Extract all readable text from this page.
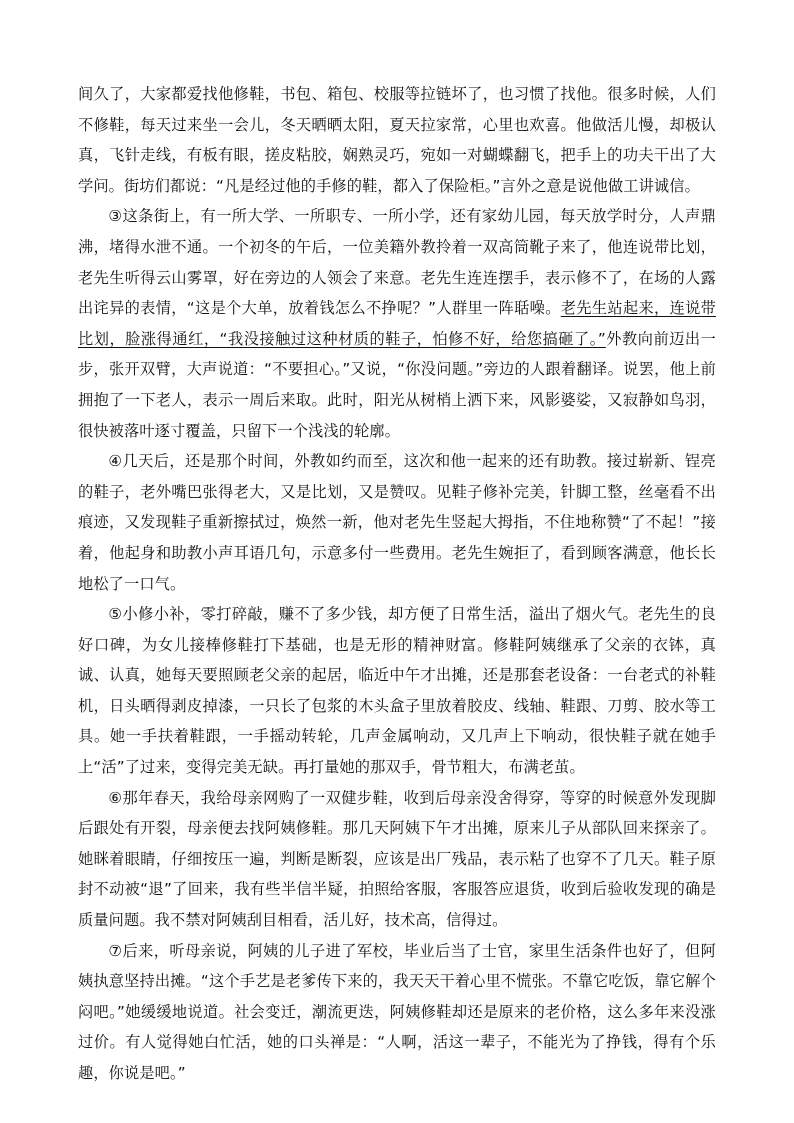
间久了，大家都爱找他修鞋，书包、箱包、校服等拉链坏了，也习惯了找他。很多时候，人们不修鞋，每天过来坐一会儿，冬天晒晒太阳，夏天拉家常，心里也欢喜。他做活儿慢，却极认真，飞针走线，有板有眼，搓皮粘胶，娴熟灵巧，宛如一对蝴蝶翻飞，把手上的功夫干出了大学问。街坊们都说：“凡是经过他的手修的鞋，都入了保险柜。”言外之意是说他做工讲诚信。

③这条街上，有一所大学、一所职专、一所小学，还有家幼儿园，每天放学时分，人声鼎沸，堵得水泄不通。一个初冬的午后，一位美籍外教拎着一双高筒靴子来了，他连说带比划，老先生听得云山雾罩，好在旁边的人领会了来意。老先生连连摆手，表示修不了，在场的人露出诧异的表情，“这是个大单，放着钱怎么不挣呢？”人群里一阵聒噪。老先生站起来，连说带比划，脸涨得通红，“我没接触过这种材质的鞋子，怕修不好，给您搞砸了。”外教向前迈出一步，张开双臂，大声说道：“不要担心。”又说，“你没问题。”旁边的人跟着翻译。说罢，他上前拥抱了一下老人，表示一周后来取。此时，阳光从树梢上洒下来，风影婆娑，又寂静如鸟羽，很快被落叶逐寸覆盖，只留下一个浅浅的轮廓。

④几天后，还是那个时间，外教如约而至，这次和他一起来的还有助教。接过崭新、锃亮的鞋子，老外嘴巴张得老大，又是比划，又是赞叹。见鞋子修补完美，针脚工整，丝毫看不出痕迹，又发现鞋子重新擦拭过，焕然一新，他对老先生竖起大拇指，不住地称赞“了不起！”接着，他起身和助教小声耳语几句，示意多付一些费用。老先生婉拒了，看到顾客满意，他长长地松了一口气。

⑤小修小补，零打碎敲，赚不了多少钱，却方便了日常生活，溢出了烟火气。老先生的良好口碑，为女儿接棒修鞋打下基础，也是无形的精神财富。修鞋阿姨继承了父亲的衣钵，真诚、认真，她每天要照顾老父亲的起居，临近中午才出摊，还是那套老设备：一台老式的补鞋机，日头晒得剥皮掉漆，一只长了包浆的木头盒子里放着胶皮、线轴、鞋跟、刀剪、胶水等工具。她一手扶着鞋跟，一手摇动转轮，几声金属响动，又几声上下响动，很快鞋子就在她手上“活”了过来，变得完美无缺。再打量她的那双手，骨节粗大，布满老茧。

⑥那年春天，我给母亲网购了一双健步鞋，收到后母亲没舍得穿，等穿的时候意外发现脚后跟处有开裂，母亲便去找阿姨修鞋。那几天阿姨下午才出摊，原来儿子从部队回来探亲了。她眯着眼睛，仔细按压一遍，判断是断裂，应该是出厂残品，表示粘了也穿不了几天。鞋子原封不动被“退”了回来，我有些半信半疑，拍照给客服，客服答应退货，收到后验收发现的确是质量问题。我不禁对阿姨刮目相看，活儿好，技术高，信得过。

⑦后来，听母亲说，阿姨的儿子进了军校，毕业后当了士官，家里生活条件也好了，但阿姨执意坚持出摊。“这个手艺是老爹传下来的，我天天干着心里不慌张。不靠它吃饭，靠它解个闷吧。”她缓缓地说道。社会变迁，潮流更迭，阿姨修鞋却还是原来的老价格，这么多年来没涨过价。有人觉得她白忙活，她的口头禅是：“人啊，活这一辈子，不能光为了挣钱，得有个乐趣，你说是吧。”
